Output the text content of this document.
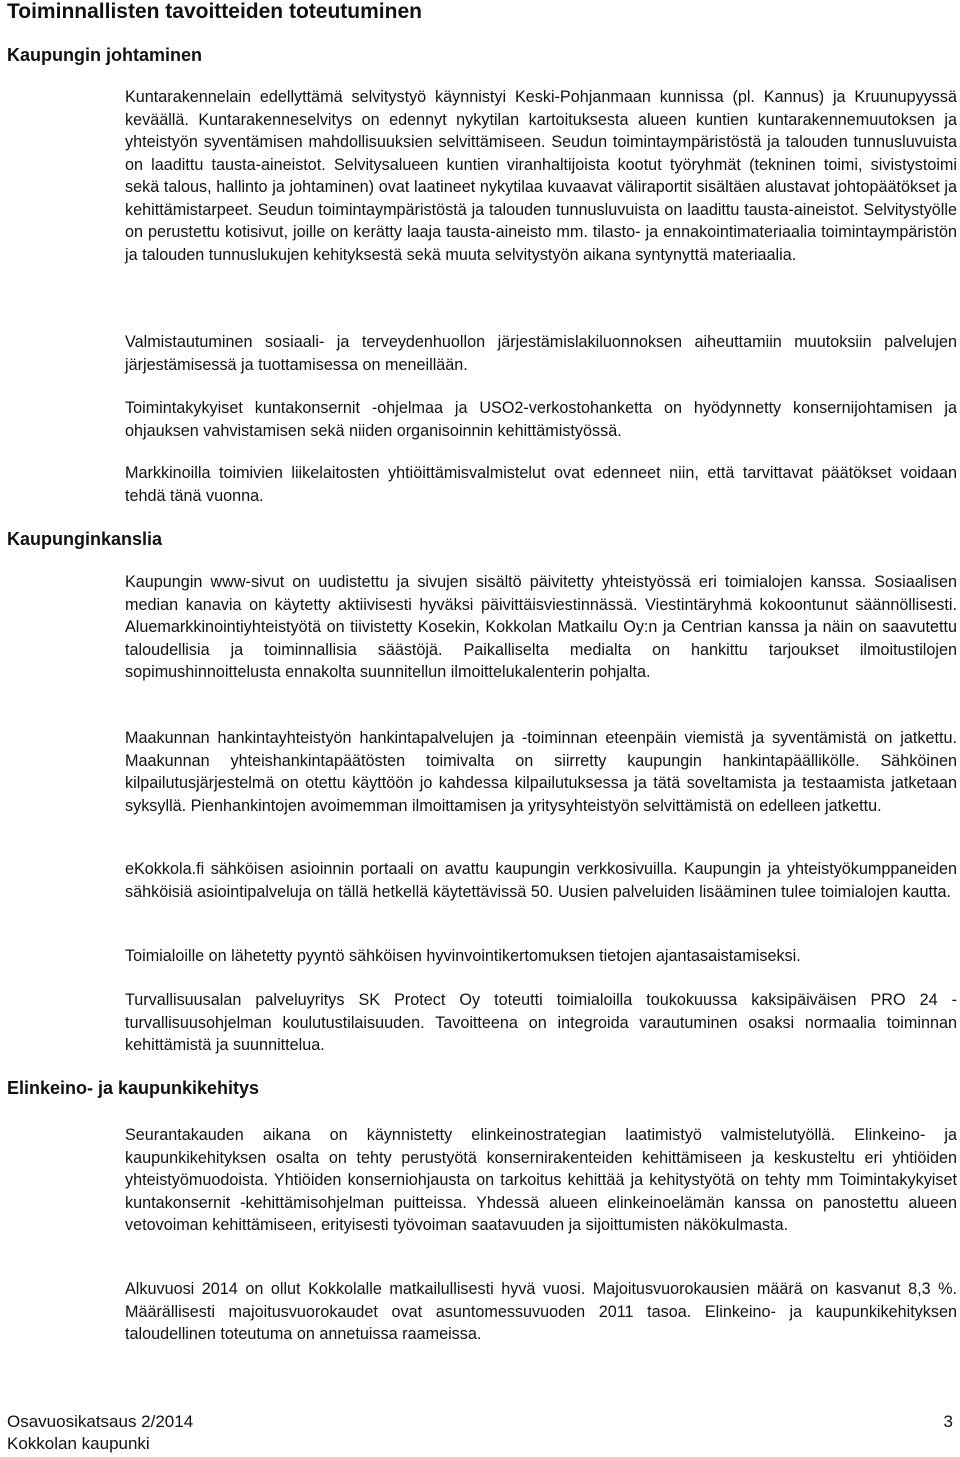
Toiminnallisten tavoitteiden toteutuminen
Kaupungin johtaminen

Kuntarakennelain edellyttämä selvitystyö käynnistyi Keski-Pohjanmaan kunnissa (pl. Kannus) ja Kruunupyyssä keväällä. Kuntarakenneselvitys on edennyt nykytilan kartoituksesta alueen kuntien kuntarakennemuutoksen ja yhteistyön syventämisen mahdollisuuksien selvittämiseen. Seudun toimintaympäristöstä ja talouden tunnusluvuista on laadittu tausta-aineistot. Selvitysalueen kuntien viranhaltijoista kootut työryhmät (tekninen toimi, sivistystoimi sekä talous, hallinto ja johtaminen) ovat laatineet nykytilaa kuvaavat väliraportit sisältäen alustavat johtopäätökset ja kehittämistarpeet. Seudun toimintaympäristöstä ja talouden tunnusluvuista on laadittu tausta-aineistot. Selvitystyölle on perustettu kotisivut, joille on kerätty laaja tausta-aineisto mm. tilasto- ja ennakointimateriaalia toimintaympäristön ja talouden tunnuslukujen kehityksestä sekä muuta selvitystyön aikana syntynyttä materiaalia.

Valmistautuminen sosiaali- ja terveydenhuollon järjestämislakiluonnoksen aiheuttamiin muutoksiin palvelujen järjestämisessä ja tuottamisessa on meneillään.

Toimintakykyiset kuntakonsernit -ohjelmaa ja USO2-verkostohanketta on hyödynnetty konsernijohtamisen ja ohjauksen vahvistamisen sekä niiden organisoinnin kehittämistyössä.

Markkinoilla toimivien liikelaitosten yhtiöittämisvalmistelut ovat edenneet niin, että tarvittavat päätökset voidaan tehdä tänä vuonna.

Kaupunginkanslia

Kaupungin www-sivut on uudistettu ja sivujen sisältö päivitetty yhteistyössä eri toimialojen kanssa. Sosiaalisen median kanavia on käytetty aktiivisesti hyväksi päivittäisviestinnässä. Viestintäryhmä kokoontunut säännöllisesti. Aluemarkkinointiyhteistyötä on tiivistetty Kosekin, Kokkolan Matkailu Oy:n ja Centrian kanssa ja näin on saavutettu taloudellisia ja toiminnallisia säästöjä. Paikalliselta medialta on hankittu tarjoukset ilmoitustilojen sopimushinnoittelusta ennakolta suunnitellun ilmoittelukalenterin pohjalta.

Maakunnan hankintayhteistyön hankintapalvelujen ja -toiminnan eteenpäin viemistä ja syventämistä on jatkettu. Maakunnan yhteishankintapäätösten toimivalta on siirretty kaupungin hankintapäällikölle. Sähköinen kilpailutusjärjestelmä on otettu käyttöön jo kahdessa kilpailutuksessa ja tätä soveltamista ja testaamista jatketaan syksyllä. Pienhankintojen avoimemman ilmoittamisen ja yritysyhteistyön selvittämistä on edelleen jatkettu.

eKokkola.fi sähköisen asioinnin portaali on avattu kaupungin verkkosivuilla. Kaupungin ja yhteistyökumppaneiden sähköisiä asiointipalveluja on tällä hetkellä käytettävissä 50. Uusien palveluiden lisääminen tulee toimialojen kautta.

Toimialoille on lähetetty pyyntö sähköisen hyvinvointikertomuksen tietojen ajantasaistamiseksi.

Turvallisuusalan palveluyritys SK Protect Oy toteutti toimialoilla toukokuussa kaksipäiväisen PRO 24 -turvallisuusohjelman koulutustilaisuuden. Tavoitteena on integroida varautuminen osaksi normaalia toiminnan kehittämistä ja suunnittelua.

Elinkeino- ja kaupunkikehitys

Seurantakauden aikana on käynnistetty elinkeinostrategian laatimistyö valmistelutyöllä. Elinkeino- ja kaupunkikehityksen osalta on tehty perustyötä konsernirakenteiden kehittämiseen ja keskusteltu eri yhtiöiden yhteistyömuodoista. Yhtiöiden konserniohjausta on tarkoitus kehittää ja kehitystyötä on tehty mm Toimintakykyiset kuntakonsernit -kehittämisohjelman puitteissa. Yhdessä alueen elinkeinoelämän kanssa on panostettu alueen vetovoiman kehittämiseen, erityisesti työvoiman saatavuuden ja sijoittumisten näkökulmasta.

Alkuvuosi 2014 on ollut Kokkolalle matkailullisesti hyvä vuosi. Majoitusvuorokausien määrä on kasvanut 8,3 %. Määrällisesti majoitusvuorokaudet ovat asuntomessuvuoden 2011 tasoa. Elinkeino- ja kaupunkikehityksen taloudellinen toteutuma on annetuissa raameissa.

Osavuosikatsaus 2/2014
Kokkolan kaupunki
3
